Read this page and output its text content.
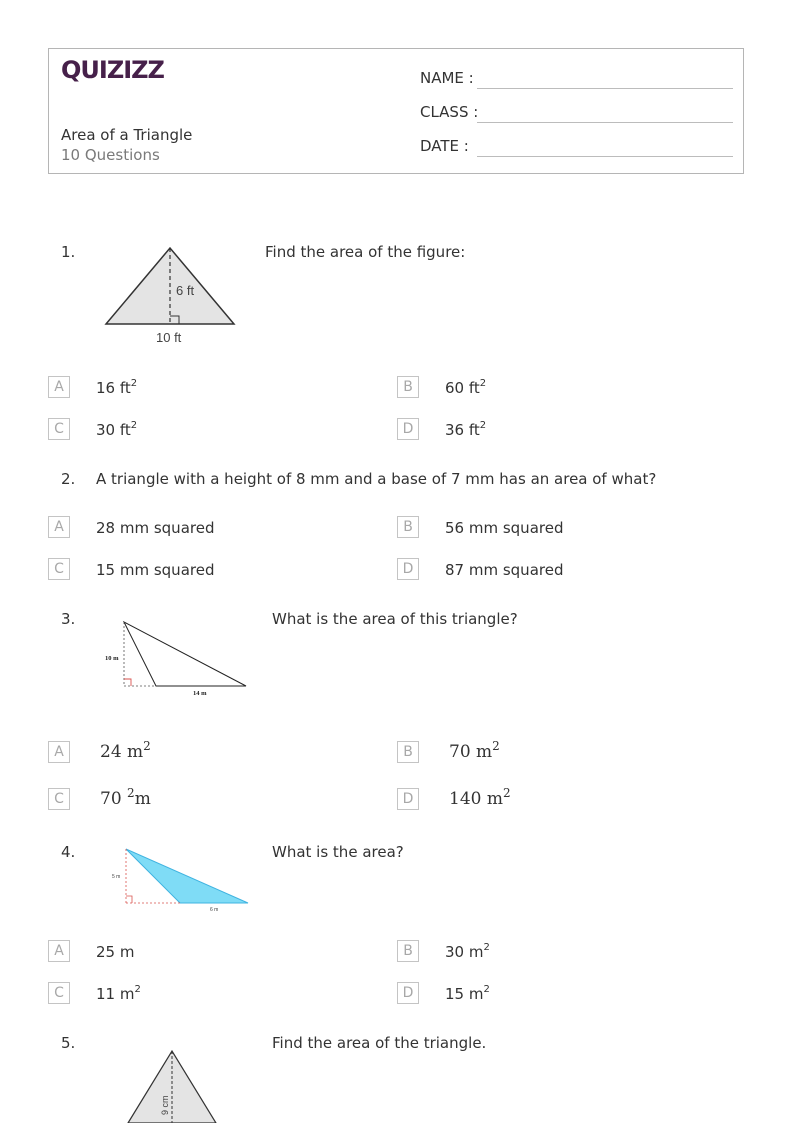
QUIZIZZ
Area of a Triangle
10 Questions
NAME :
CLASS :
DATE :
1.
6 ft
10 ft
Find the area of the figure:
A	16 $ft^2$	B	60 $ft^2$
C	30 $ft^2$	D	36 $ft^2$
2. A triangle with a height of 8 mm and a base of 7 mm has an area of what?
A	28 mm squared	B	56 mm squared
C	15 mm squared	D	87 mm squared
3.
10 m
14 m
What is the area of this triangle?
A	24 $m^2$	B	70 $m^2$
C	70 $^2$m	D	140 $m^2$
4.
5 m
6 m
What is the area?
A	25 m	B	30 $m^2$
C	11 $m^2$	D	15 $m^2$
5.
9 cm
Find the area of the triangle.
